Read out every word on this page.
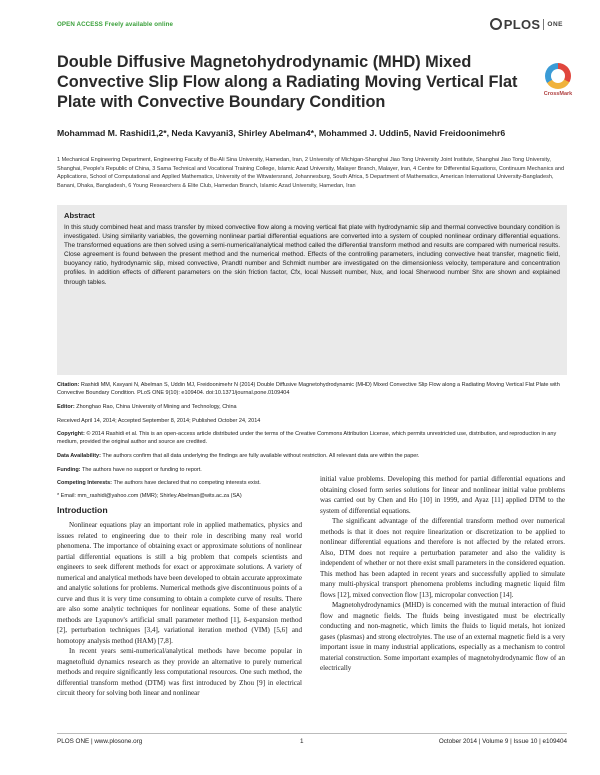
OPEN ACCESS Freely available online	PLOS ONE
Double Diffusive Magnetohydrodynamic (MHD) Mixed Convective Slip Flow along a Radiating Moving Vertical Flat Plate with Convective Boundary Condition	CrossMark
Mohammad M. Rashidi1,2*, Neda Kavyani3, Shirley Abelman4*, Mohammed J. Uddin5, Navid Freidoonimehr6
1 Mechanical Engineering Department, Engineering Faculty of Bu-Ali Sina University, Hamedan, Iran, 2 University of Michigan-Shanghai Jiao Tong University Joint Institute, Shanghai Jiao Tong University, Shanghai, People's Republic of China, 3 Sama Technical and Vocational Training College, Islamic Azad University, Malayer Branch, Malayer, Iran, 4 Centre for Differential Equations, Continuum Mechanics and Applications, School of Computational and Applied Mathematics, University of the Witwatersrand, Johannesburg, South Africa, 5 Department of Mathematics, American International University-Bangladesh, Banani, Dhaka, Bangladesh, 6 Young Researchers & Elite Club, Hamedan Branch, Islamic Azad University, Hamedan, Iran
Abstract
In this study combined heat and mass transfer by mixed convective flow along a moving vertical flat plate with hydrodynamic slip and thermal convective boundary condition is investigated. Using similarity variables, the governing nonlinear partial differential equations are converted into a system of coupled nonlinear ordinary differential equations. The transformed equations are then solved using a semi-numerical/analytical method called the differential transform method and results are compared with numerical results. Close agreement is found between the present method and the numerical method. Effects of the controlling parameters, including convective heat transfer, magnetic field, buoyancy ratio, hydrodynamic slip, mixed convective, Prandtl number and Schmidt number are investigated on the dimensionless velocity, temperature and concentration profiles. In addition effects of different parameters on the skin friction factor, Cfx, local Nusselt number, Nux, and local Sherwood number Shx are shown and explained through tables.
Citation: Rashidi MM, Kavyani N, Abelman S, Uddin MJ, Freidoonimehr N (2014) Double Diffusive Magnetohydrodynamic (MHD) Mixed Convective Slip Flow along a Radiating Moving Vertical Flat Plate with Convective Boundary Condition. PLoS ONE 9(10): e109404. doi:10.1371/journal.pone.0109404
Editor: Zhonghao Rao, China University of Mining and Technology, China
Received April 14, 2014; Accepted September 8, 2014; Published October 24, 2014
Copyright: © 2014 Rashidi et al. This is an open-access article distributed under the terms of the Creative Commons Attribution License, which permits unrestricted use, distribution, and reproduction in any medium, provided the original author and source are credited.
Data Availability: The authors confirm that all data underlying the findings are fully available without restriction. All relevant data are within the paper.
Funding: The authors have no support or funding to report.
Competing Interests: The authors have declared that no competing interests exist.
* Email: mm_rashidi@yahoo.com (MMR); Shirley.Abelman@wits.ac.za (SA)
Introduction

Nonlinear equations play an important role in applied mathematics, physics and issues related to engineering due to their role in describing many real world phenomena. The importance of obtaining exact or approximate solutions of nonlinear partial differential equations is still a big problem that compels scientists and engineers to seek different methods for exact or approximate solutions. A variety of numerical and analytical methods have been developed to obtain accurate approximate and analytic solutions for problems. Numerical methods give discontinuous points of a curve and thus it is very time consuming to obtain a complete curve of results. There are also some analytic techniques for nonlinear equations. Some of these analytic methods are Lyapunov's artificial small parameter method [1], δ-expansion method [2], perturbation techniques [3,4], variational iteration method (VIM) [5,6] and homotopy analysis method (HAM) [7,8].

In recent years semi-numerical/analytical methods have become popular in magnetofluid dynamics research as they provide an alternative to purely numerical methods and require significantly less computational resources. One such method, the differential transform method (DTM) was first introduced by Zhou [9] in electrical circuit theory for solving both linear and nonlinear

initial value problems. Developing this method for partial differential equations and obtaining closed form series solutions for linear and nonlinear initial value problems was carried out by Chen and Ho [10] in 1999, and Ayaz [11] applied DTM to the system of differential equations.

The significant advantage of the differential transform method over numerical methods is that it does not require linearization or discretization to be applied to nonlinear differential equations and therefore is not affected by the related errors. Also, DTM does not require a perturbation parameter and also the validity is independent of whether or not there exist small parameters in the considered equation. This method has been adapted in recent years and successfully applied to simulate many multi-physical transport phenomena problems including magnetic liquid film flows [12], mixed convection flow [13], micropolar convection [14].

Magnetohydrodynamics (MHD) is concerned with the mutual interaction of fluid flow and magnetic fields. The fluids being investigated must be electrically conducting and non-magnetic, which limits the fluids to liquid metals, hot ionized gases (plasmas) and strong electrolytes. The use of an external magnetic field is a very important issue in many industrial applications, especially as a mechanism to control material construction. Some important examples of magnetohydrodynamic flow of an electrically

PLOS ONE | www.plosone.org	1	October 2014 | Volume 9 | Issue 10 | e109404
